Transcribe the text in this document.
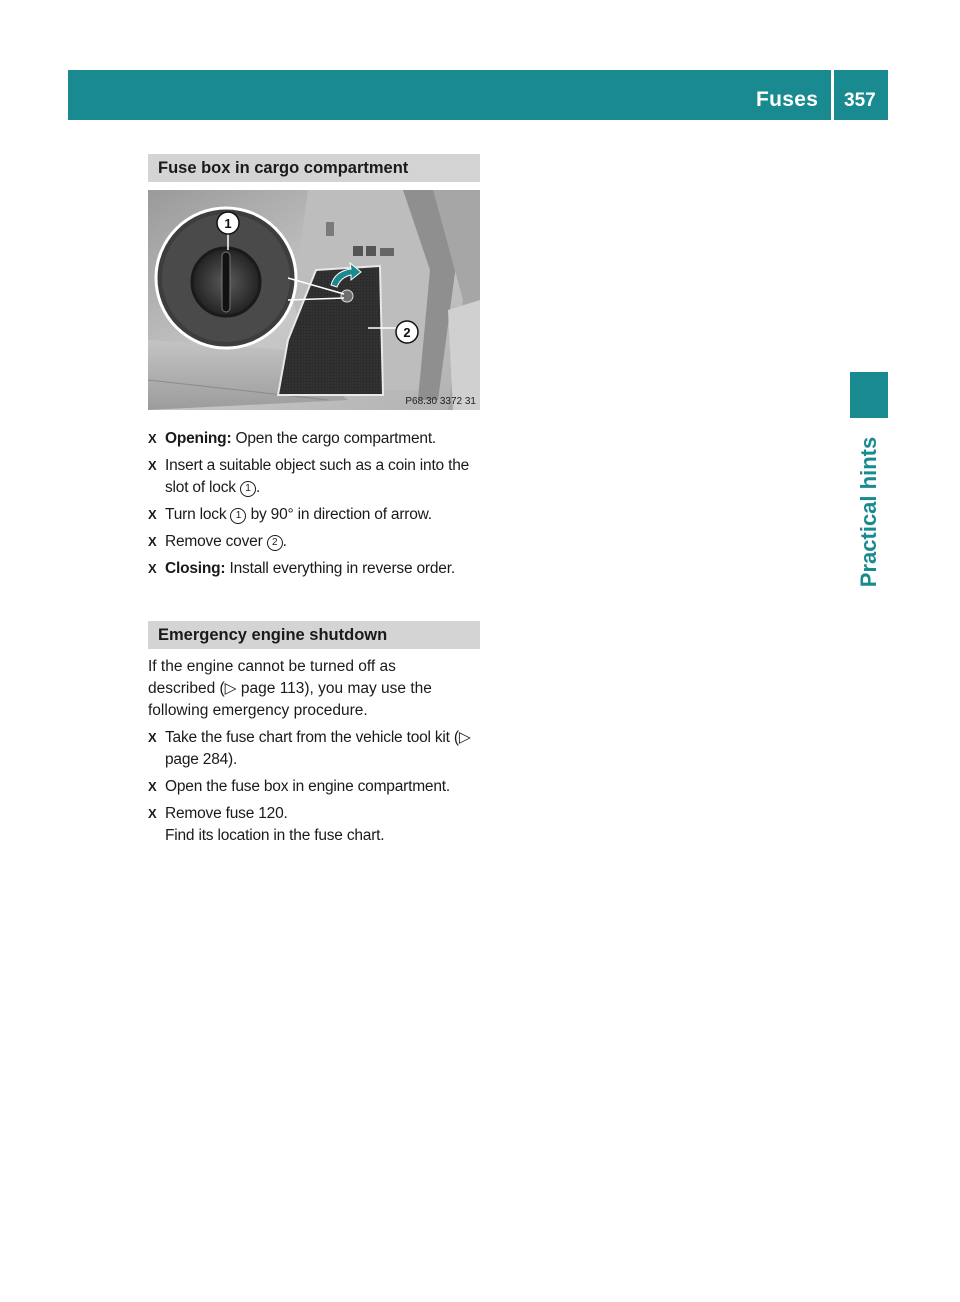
Fuses 357
Practical hints
Fuse box in cargo compartment
1
2
P68.30 3372 31
X Opening: Open the cargo compartment.
X Insert a suitable object such as a coin into the slot of lock 1 .
X Turn lock 1 by 90° in direction of arrow.
X Remove cover 2 .
X Closing: Install everything in reverse order.
Emergency engine shutdown

If the engine cannot be turned off as
described (▷ page 113), you may use the
following emergency procedure.

X Take the fuse chart from the vehicle tool kit (▷ page 284).
X Open the fuse box in engine compartment.
X Remove fuse 120.
Find its location in the fuse chart.
